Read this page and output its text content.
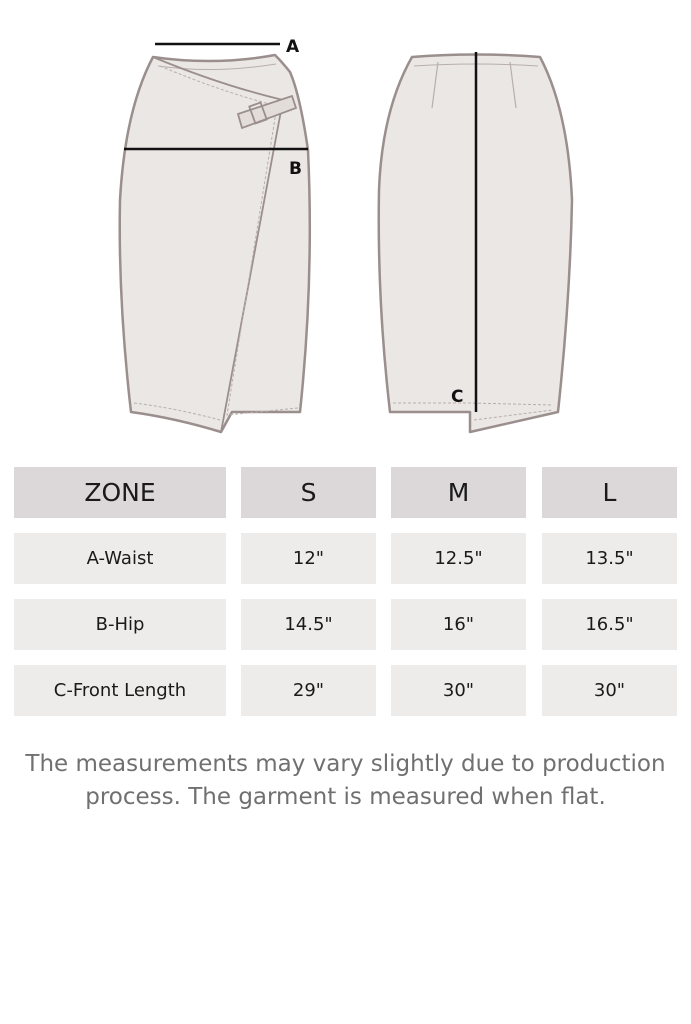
A
B
C
ZONE	S	M	L
A-Waist	12"	12.5"	13.5"
B-Hip	14.5"	16"	16.5"
C-Front Length	29"	30"	30"
The measurements may vary slightly due to production
process. The garment is measured when flat.
